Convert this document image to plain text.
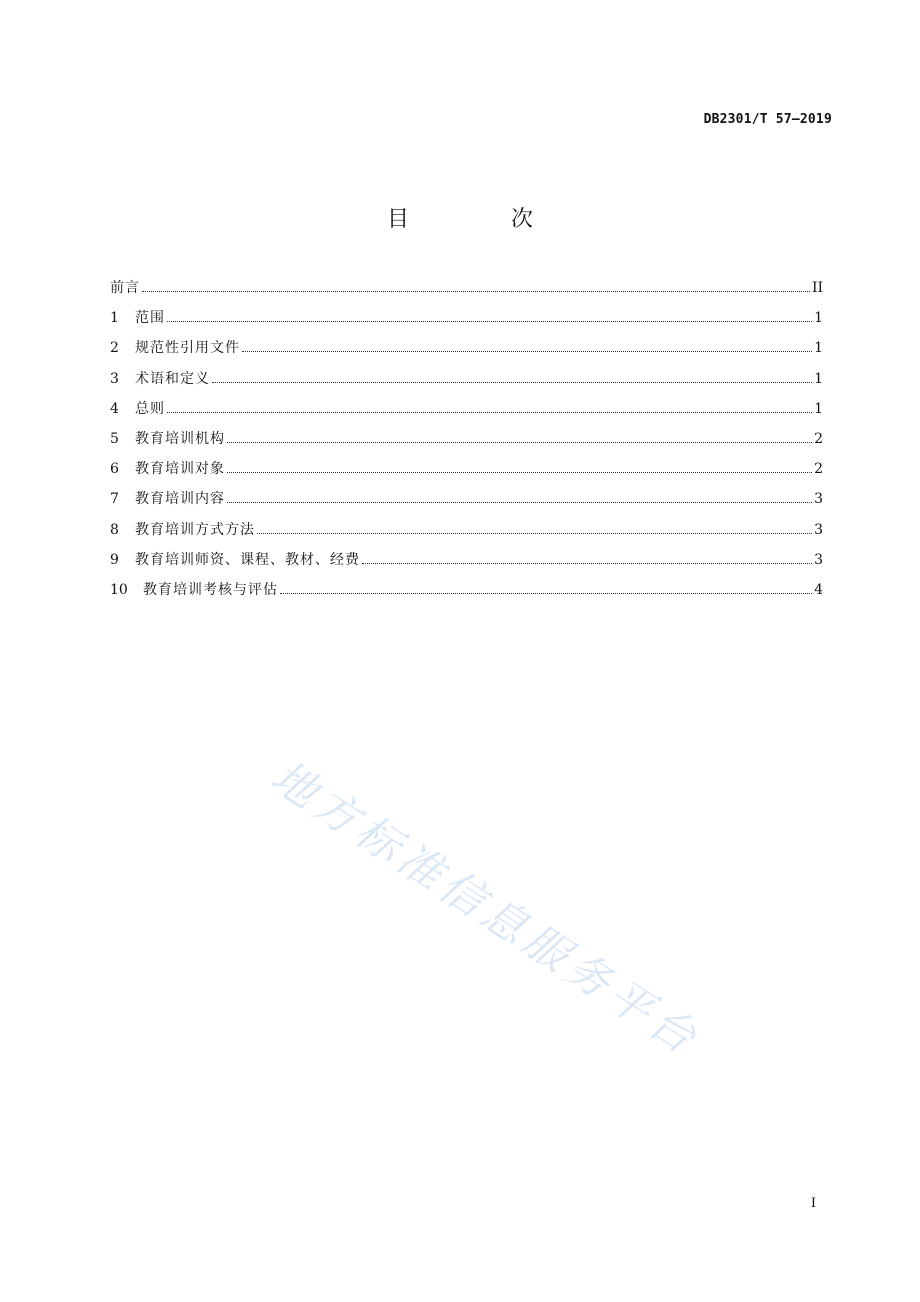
DB2301/T 57—2019
目　次
前言	II
1	范围	1
2	规范性引用文件	1
3	术语和定义	1
4	总则	1
5	教育培训机构	2
6	教育培训对象	2
7	教育培训内容	3
8	教育培训方式方法	3
9	教育培训师资、课程、教材、经费	3
10	教育培训考核与评估	4
地方标准信息服务平台
I
